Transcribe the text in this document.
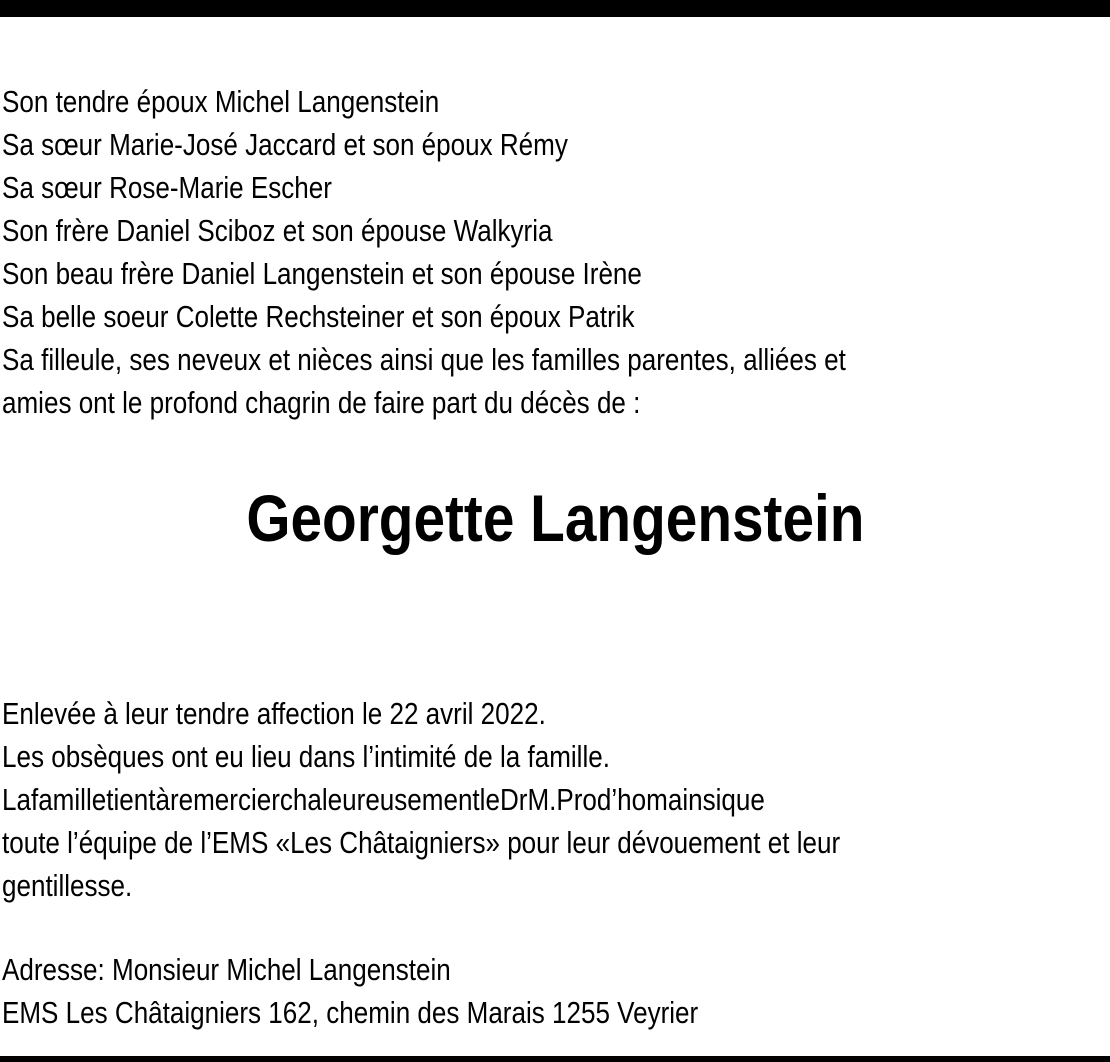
Son tendre époux Michel Langenstein
Sa sœur Marie-José Jaccard et son époux Rémy
Sa sœur Rose-Marie Escher
Son frère Daniel Sciboz et son épouse Walkyria
Son beau frère Daniel Langenstein et son épouse Irène
Sa belle soeur Colette Rechsteiner et son époux Patrik
Sa filleule, ses neveux et nièces ainsi que les familles parentes, alliées et
amies ont le profond chagrin de faire part du décès de :
Georgette Langenstein
Enlevée à leur tendre affection le 22 avril 2022.
Les obsèques ont eu lieu dans l’intimité de la famille.
LafamilletientàremercierchaleureusementleDrM.Prod’homainsique
toute l’équipe de l’EMS «Les Châtaigniers» pour leur dévouement et leur
gentillesse.
Adresse: Monsieur Michel Langenstein
EMS Les Châtaigniers 162, chemin des Marais 1255 Veyrier
